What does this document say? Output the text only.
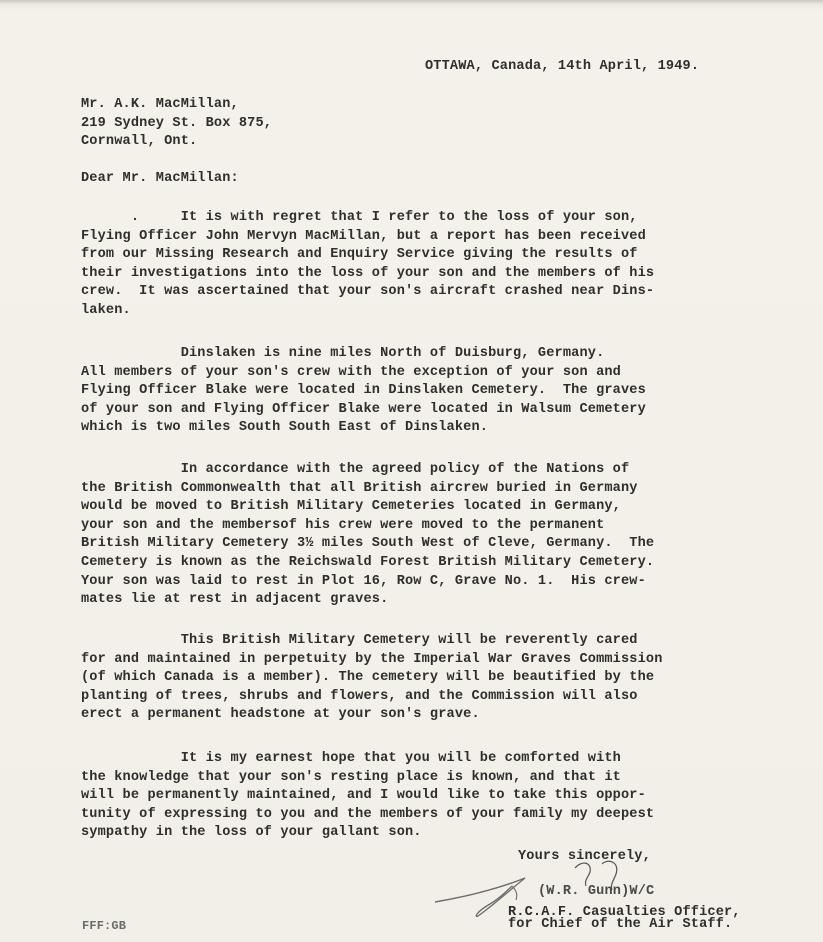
OTTAWA, Canada, 14th April, 1949.
Mr. A.K. MacMillan,
219 Sydney St. Box 875,
Cornwall, Ont.
Dear Mr. MacMillan:
.     It is with regret that I refer to the loss of your son,
Flying Officer John Mervyn MacMillan, but a report has been received
from our Missing Research and Enquiry Service giving the results of
their investigations into the loss of your son and the members of his
crew.  It was ascertained that your son's aircraft crashed near Dins-
laken.
Dinslaken is nine miles North of Duisburg, Germany.
All members of your son's crew with the exception of your son and
Flying Officer Blake were located in Dinslaken Cemetery.  The graves
of your son and Flying Officer Blake were located in Walsum Cemetery
which is two miles South South East of Dinslaken.
In accordance with the agreed policy of the Nations of
the British Commonwealth that all British aircrew buried in Germany
would be moved to British Military Cemeteries located in Germany,
your son and the membersof his crew were moved to the permanent
British Military Cemetery 3½ miles South West of Cleve, Germany.  The
Cemetery is known as the Reichswald Forest British Military Cemetery.
Your son was laid to rest in Plot 16, Row C, Grave No. 1.  His crew-
mates lie at rest in adjacent graves.
This British Military Cemetery will be reverently cared
for and maintained in perpetuity by the Imperial War Graves Commission
(of which Canada is a member). The cemetery will be beautified by the
planting of trees, shrubs and flowers, and the Commission will also
erect a permanent headstone at your son's grave.
It is my earnest hope that you will be comforted with
the knowledge that your son's resting place is known, and that it
will be permanently maintained, and I would like to take this oppor-
tunity of expressing to you and the members of your family my deepest
sympathy in the loss of your gallant son.
Yours sincerely,
(W.R. Gunn)W/C
R.C.A.F. Casualties Officer,
for Chief of the Air Staff.
FFF:GB
